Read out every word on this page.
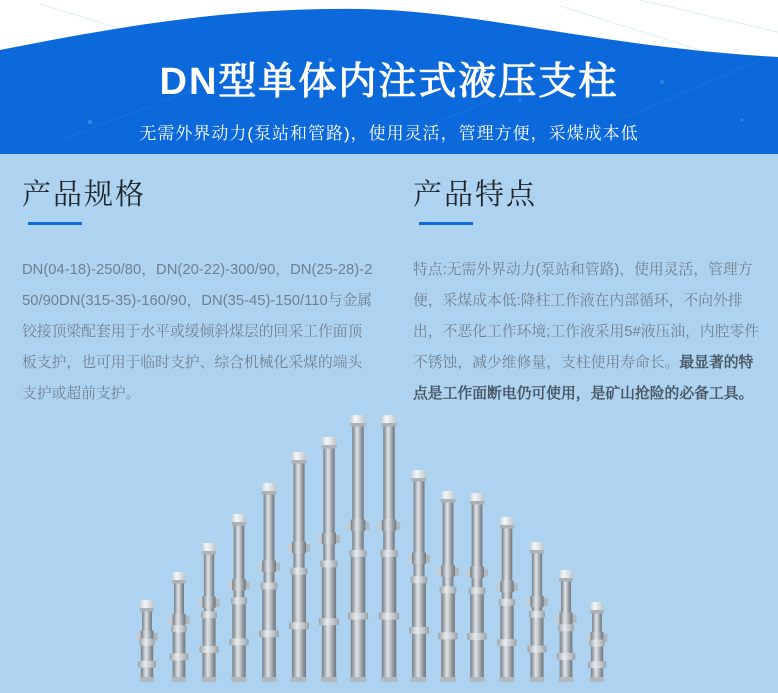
DN型单体内注式液压支柱

无需外界动力(泵站和管路)，使用灵活，管理方便，采煤成本低

产品规格

DN(04-18)-250/80，DN(20-22)-300/90，DN(25-28)-250/90DN(315-35)-160/90，DN(35-45)-150/110与金属铰接顶梁配套用于水平或缓倾斜煤层的回采工作面顶板支护，也可用于临时支护、综合机械化采煤的端头支护或超前支护。

产品特点

特点:无需外界动力(泵站和管路)，使用灵活，管理方便，采煤成本低:降柱工作液在内部循环，不向外排出，不恶化工作环境;工作液采用5#液压油，内腔零件不锈蚀，减少维修量，支柱使用寿命长。最显著的特点是工作面断电仍可使用，是矿山抢险的必备工具。
